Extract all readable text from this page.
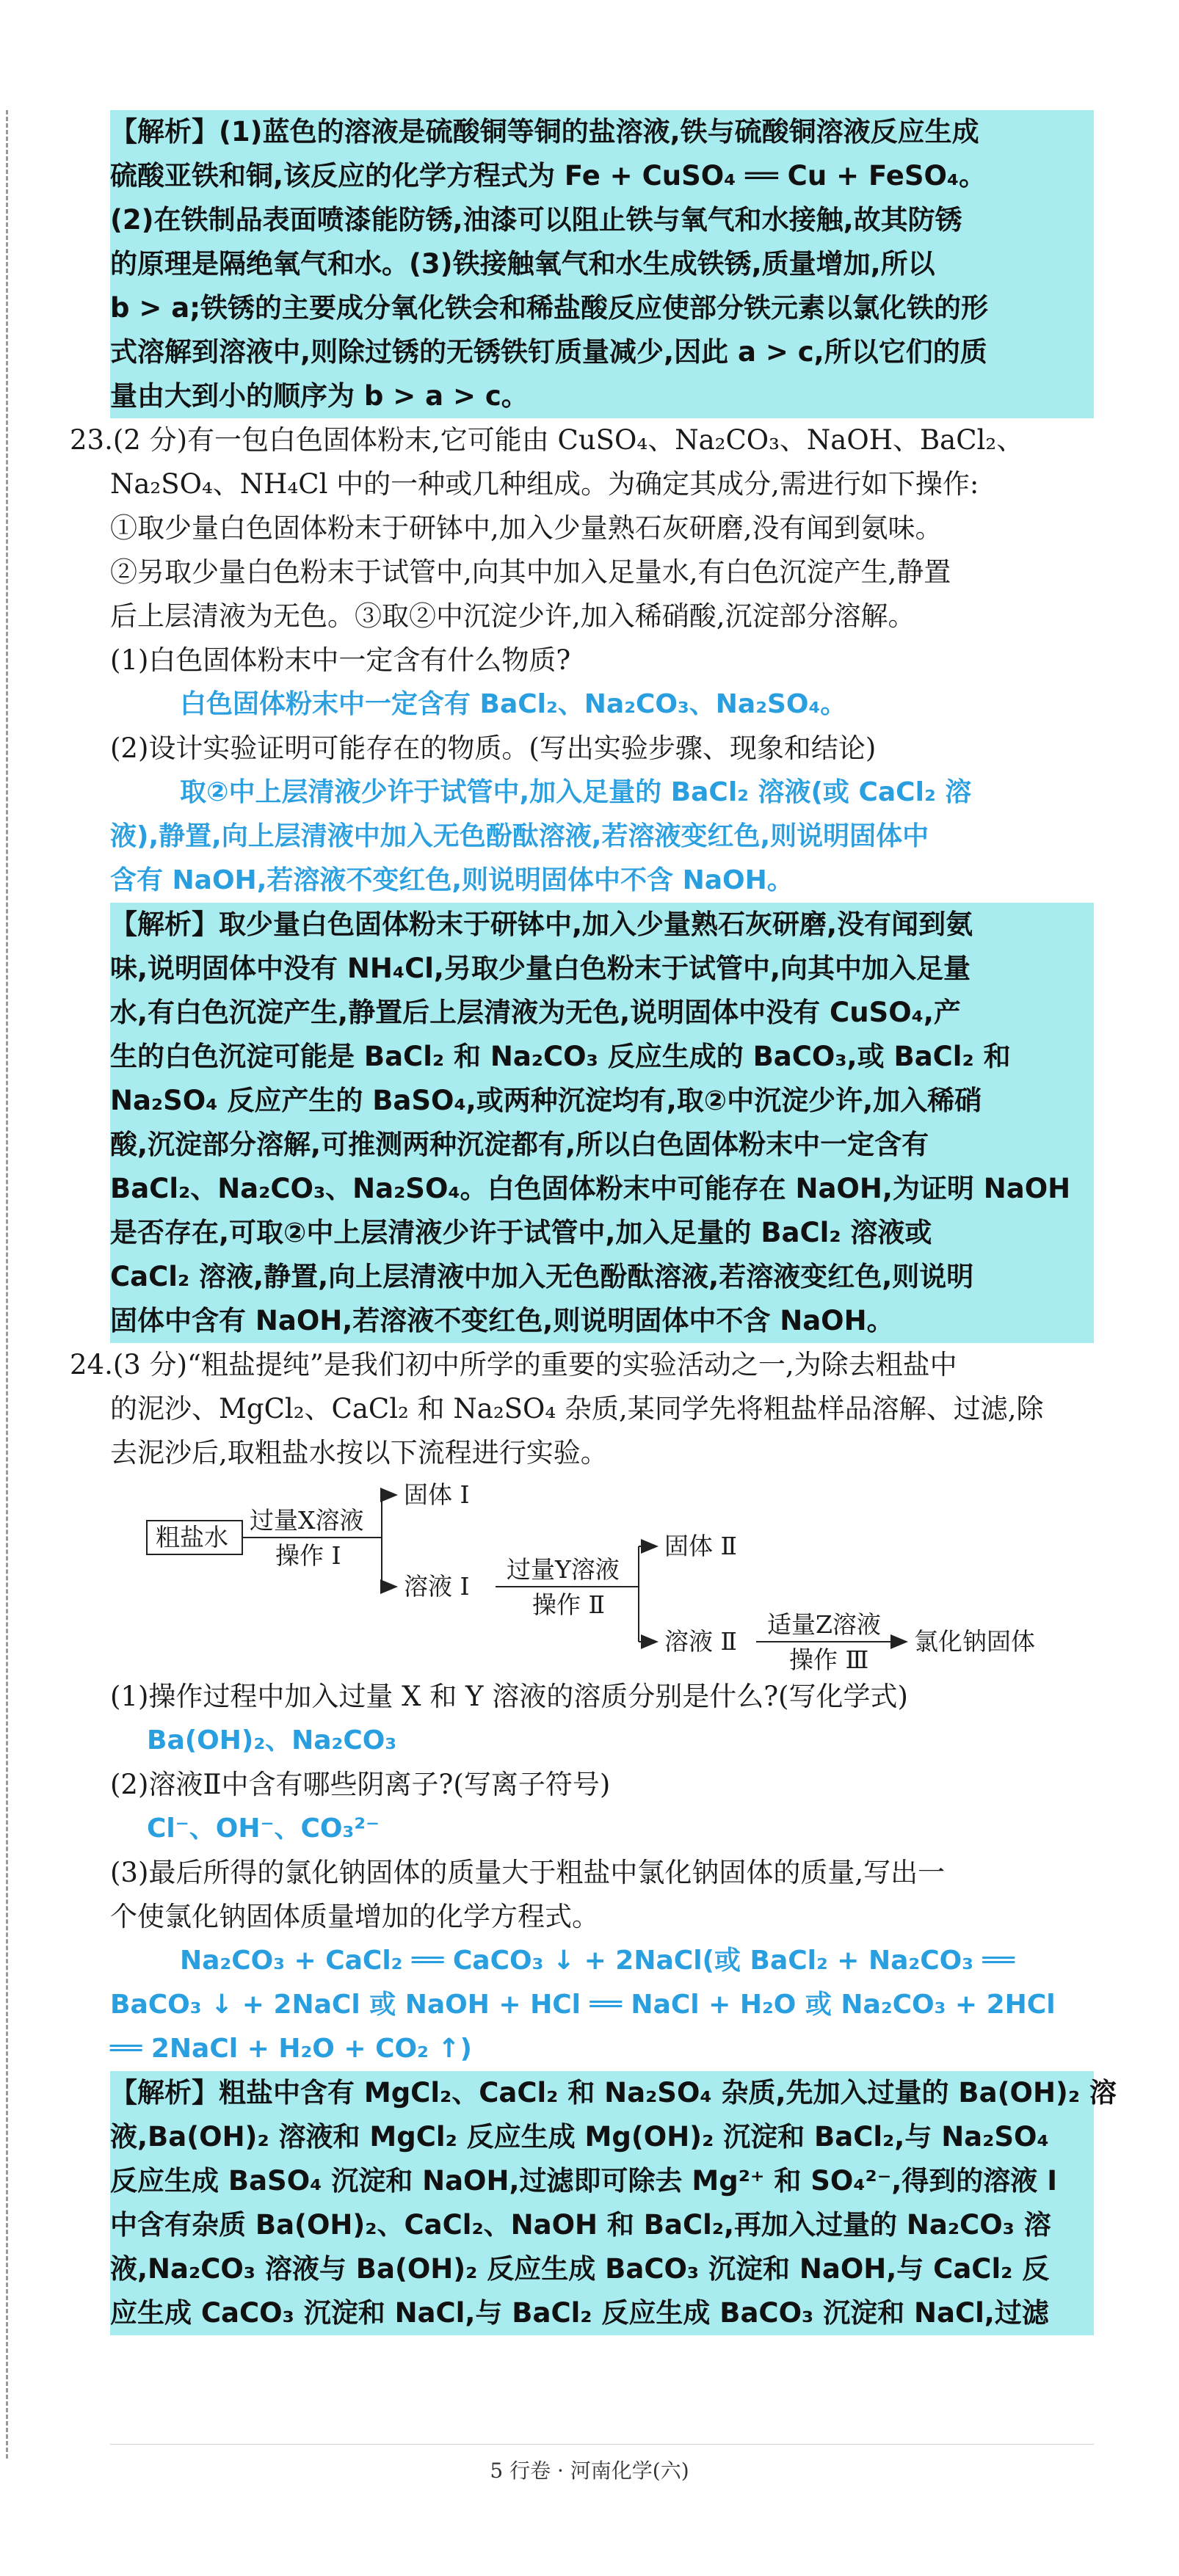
【解析】(1)蓝色的溶液是硫酸铜等铜的盐溶液,铁与硫酸铜溶液反应生成
硫酸亚铁和铜,该反应的化学方程式为 Fe + CuSO₄ ══ Cu + FeSO₄。
(2)在铁制品表面喷漆能防锈,油漆可以阻止铁与氧气和水接触,故其防锈
的原理是隔绝氧气和水。(3)铁接触氧气和水生成铁锈,质量增加,所以
b > a;铁锈的主要成分氧化铁会和稀盐酸反应使部分铁元素以氯化铁的形
式溶解到溶液中,则除过锈的无锈铁钉质量减少,因此 a > c,所以它们的质
量由大到小的顺序为 b > a > c。
23.(2 分)有一包白色固体粉末,它可能由 CuSO₄、Na₂CO₃、NaOH、BaCl₂、
Na₂SO₄、NH₄Cl 中的一种或几种组成。为确定其成分,需进行如下操作:
①取少量白色固体粉末于研钵中,加入少量熟石灰研磨,没有闻到氨味。
②另取少量白色粉末于试管中,向其中加入足量水,有白色沉淀产生,静置
后上层清液为无色。③取②中沉淀少许,加入稀硝酸,沉淀部分溶解。
(1)白色固体粉末中一定含有什么物质?
白色固体粉末中一定含有 BaCl₂、Na₂CO₃、Na₂SO₄。
(2)设计实验证明可能存在的物质。(写出实验步骤、现象和结论)
取②中上层清液少许于试管中,加入足量的 BaCl₂ 溶液(或 CaCl₂ 溶
液),静置,向上层清液中加入无色酚酞溶液,若溶液变红色,则说明固体中
含有 NaOH,若溶液不变红色,则说明固体中不含 NaOH。
【解析】取少量白色固体粉末于研钵中,加入少量熟石灰研磨,没有闻到氨
味,说明固体中没有 NH₄Cl,另取少量白色粉末于试管中,向其中加入足量
水,有白色沉淀产生,静置后上层清液为无色,说明固体中没有 CuSO₄,产
生的白色沉淀可能是 BaCl₂ 和 Na₂CO₃ 反应生成的 BaCO₃,或 BaCl₂ 和
Na₂SO₄ 反应产生的 BaSO₄,或两种沉淀均有,取②中沉淀少许,加入稀硝
酸,沉淀部分溶解,可推测两种沉淀都有,所以白色固体粉末中一定含有
BaCl₂、Na₂CO₃、Na₂SO₄。白色固体粉末中可能存在 NaOH,为证明 NaOH
是否存在,可取②中上层清液少许于试管中,加入足量的 BaCl₂ 溶液或
CaCl₂ 溶液,静置,向上层清液中加入无色酚酞溶液,若溶液变红色,则说明
固体中含有 NaOH,若溶液不变红色,则说明固体中不含 NaOH。
24.(3 分)“粗盐提纯”是我们初中所学的重要的实验活动之一,为除去粗盐中
的泥沙、MgCl₂、CaCl₂ 和 Na₂SO₄ 杂质,某同学先将粗盐样品溶解、过滤,除
去泥沙后,取粗盐水按以下流程进行实验。
粗盐水
过量X溶液
操作 Ⅰ
固体 Ⅰ
溶液 Ⅰ
过量Y溶液
操作 Ⅱ
固体 Ⅱ
溶液 Ⅱ
适量Z溶液
操作 Ⅲ
氯化钠固体
(1)操作过程中加入过量 X 和 Y 溶液的溶质分别是什么?(写化学式)
Ba(OH)₂、Na₂CO₃
(2)溶液Ⅱ中含有哪些阴离子?(写离子符号)
Cl⁻、OH⁻、CO₃²⁻
(3)最后所得的氯化钠固体的质量大于粗盐中氯化钠固体的质量,写出一
个使氯化钠固体质量增加的化学方程式。
Na₂CO₃ + CaCl₂ ══ CaCO₃ ↓ + 2NaCl(或 BaCl₂ + Na₂CO₃ ══
BaCO₃ ↓ + 2NaCl 或 NaOH + HCl ══ NaCl + H₂O 或 Na₂CO₃ + 2HCl
══ 2NaCl + H₂O + CO₂ ↑)
【解析】粗盐中含有 MgCl₂、CaCl₂ 和 Na₂SO₄ 杂质,先加入过量的 Ba(OH)₂ 溶
液,Ba(OH)₂ 溶液和 MgCl₂ 反应生成 Mg(OH)₂ 沉淀和 BaCl₂,与 Na₂SO₄
反应生成 BaSO₄ 沉淀和 NaOH,过滤即可除去 Mg²⁺ 和 SO₄²⁻,得到的溶液 Ⅰ
中含有杂质 Ba(OH)₂、CaCl₂、NaOH 和 BaCl₂,再加入过量的 Na₂CO₃ 溶
液,Na₂CO₃ 溶液与 Ba(OH)₂ 反应生成 BaCO₃ 沉淀和 NaOH,与 CaCl₂ 反
应生成 CaCO₃ 沉淀和 NaCl,与 BaCl₂ 反应生成 BaCO₃ 沉淀和 NaCl,过滤
5 行卷 · 河南化学(六)
